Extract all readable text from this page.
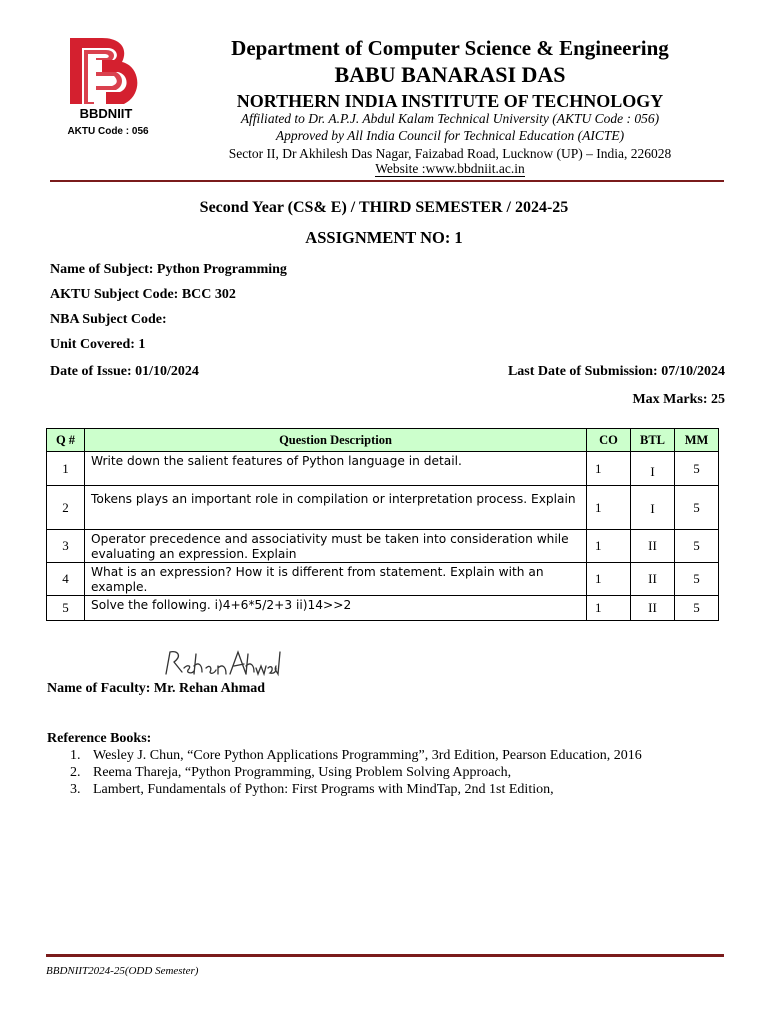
BBDNIIT
AKTU Code : 056
Department of Computer Science & Engineering
BABU BANARASI DAS
NORTHERN INDIA INSTITUTE OF TECHNOLOGY
Affiliated to Dr. A.P.J. Abdul Kalam Technical University (AKTU Code : 056)
Approved by All India Council for Technical Education (AICTE)
Sector II, Dr Akhilesh Das Nagar, Faizabad Road, Lucknow (UP) – India, 226028
Website :www.bbdniit.ac.in
Second Year (CS& E) / THIRD SEMESTER / 2024-25
ASSIGNMENT NO: 1
Name of Subject: Python Programming
AKTU Subject Code: BCC 302
NBA Subject Code:
Unit Covered: 1
Date of Issue: 01/10/2024	Last Date of Submission: 07/10/2024
Max Marks: 25
Q #	Question Description	CO	BTL	MM
1	Write down the salient features of Python language in detail.	1	I	5
2	Tokens plays an important role in compilation or interpretation process. Explain	1	I	5
3	Operator precedence and associativity must be taken into consideration while evaluating an expression. Explain	1	II	5
4	What is an expression? How it is different from statement. Explain with an example.	1	II	5
5	Solve the following. i)4+6*5/2+3 ii)14>>2	1	II	5
Name of Faculty: Mr. Rehan Ahmad
Reference Books:
1. Wesley J. Chun, “Core Python Applications Programming”, 3rd Edition, Pearson Education, 2016
2. Reema Thareja, “Python Programming, Using Problem Solving Approach,
3. Lambert, Fundamentals of Python: First Programs with MindTap, 2nd 1st Edition,
BBDNIIT2024-25(ODD Semester)
